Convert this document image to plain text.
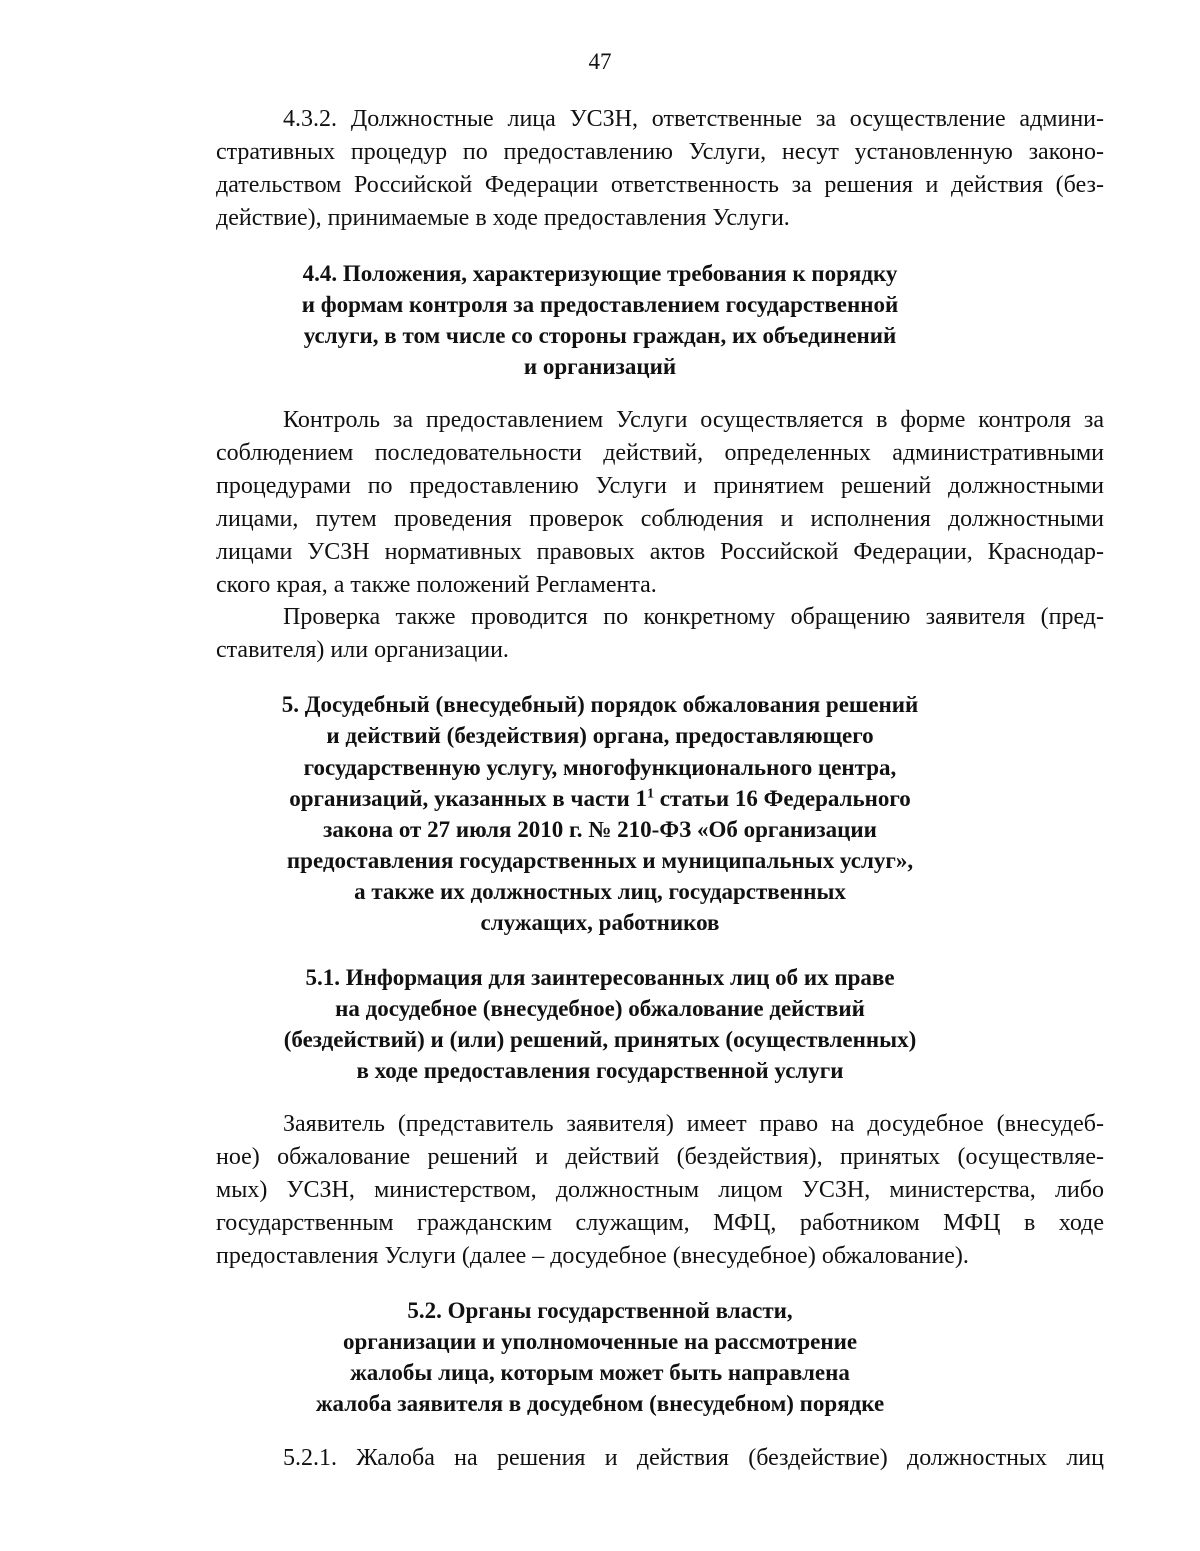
47
4.3.2. Должностные лица УСЗН, ответственные за осуществление админи-
стративных процедур по предоставлению Услуги, несут установленную законо-
дательством Российской Федерации ответственность за решения и действия (без-
действие), принимаемые в ходе предоставления Услуги.
4.4. Положения, характеризующие требования к порядку
и формам контроля за предоставлением государственной
услуги, в том числе со стороны граждан, их объединений
и организаций
Контроль за предоставлением Услуги осуществляется в форме контроля за
соблюдением последовательности действий, определенных административными
процедурами по предоставлению Услуги и принятием решений должностными
лицами, путем проведения проверок соблюдения и исполнения должностными
лицами УСЗН нормативных правовых актов Российской Федерации, Краснодар-
ского края, а также положений Регламента.
Проверка также проводится по конкретному обращению заявителя (пред-
ставителя) или организации.
5. Досудебный (внесудебный) порядок обжалования решений
и действий (бездействия) органа, предоставляющего
государственную услугу, многофункционального центра,
организаций, указанных в части $1^1$ статьи 16 Федерального
закона от 27 июля 2010 г. № 210-ФЗ «Об организации
предоставления государственных и муниципальных услуг»,
а также их должностных лиц, государственных
служащих, работников
5.1. Информация для заинтересованных лиц об их праве
на досудебное (внесудебное) обжалование действий
(бездействий) и (или) решений, принятых (осуществленных)
в ходе предоставления государственной услуги
Заявитель (представитель заявителя) имеет право на досудебное (внесудеб-
ное) обжалование решений и действий (бездействия), принятых (осуществляе-
мых) УСЗН, министерством, должностным лицом УСЗН, министерства, либо
государственным гражданским служащим, МФЦ, работником МФЦ в ходе
предоставления Услуги (далее – досудебное (внесудебное) обжалование).
5.2. Органы государственной власти,
организации и уполномоченные на рассмотрение
жалобы лица, которым может быть направлена
жалоба заявителя в досудебном (внесудебном) порядке
5.2.1. Жалоба на решения и действия (бездействие) должностных лиц
